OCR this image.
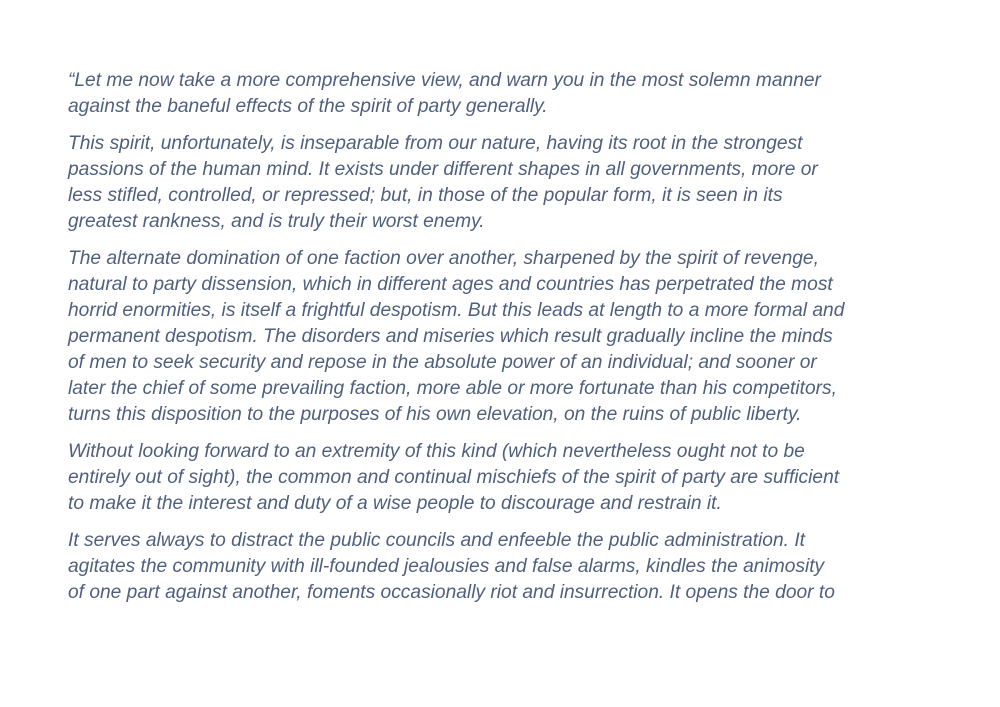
“Let me now take a more comprehensive view, and warn you in the most solemn manner
against the baneful effects of the spirit of party generally.

This spirit, unfortunately, is inseparable from our nature, having its root in the strongest
passions of the human mind. It exists under different shapes in all governments, more or
less stifled, controlled, or repressed; but, in those of the popular form, it is seen in its
greatest rankness, and is truly their worst enemy.

The alternate domination of one faction over another, sharpened by the spirit of revenge,
natural to party dissension, which in different ages and countries has perpetrated the most
horrid enormities, is itself a frightful despotism. But this leads at length to a more formal and
permanent despotism. The disorders and miseries which result gradually incline the minds
of men to seek security and repose in the absolute power of an individual; and sooner or
later the chief of some prevailing faction, more able or more fortunate than his competitors,
turns this disposition to the purposes of his own elevation, on the ruins of public liberty.

Without looking forward to an extremity of this kind (which nevertheless ought not to be
entirely out of sight), the common and continual mischiefs of the spirit of party are sufficient
to make it the interest and duty of a wise people to discourage and restrain it.

It serves always to distract the public councils and enfeeble the public administration. It
agitates the community with ill-founded jealousies and false alarms, kindles the animosity
of one part against another, foments occasionally riot and insurrection. It opens the door to
